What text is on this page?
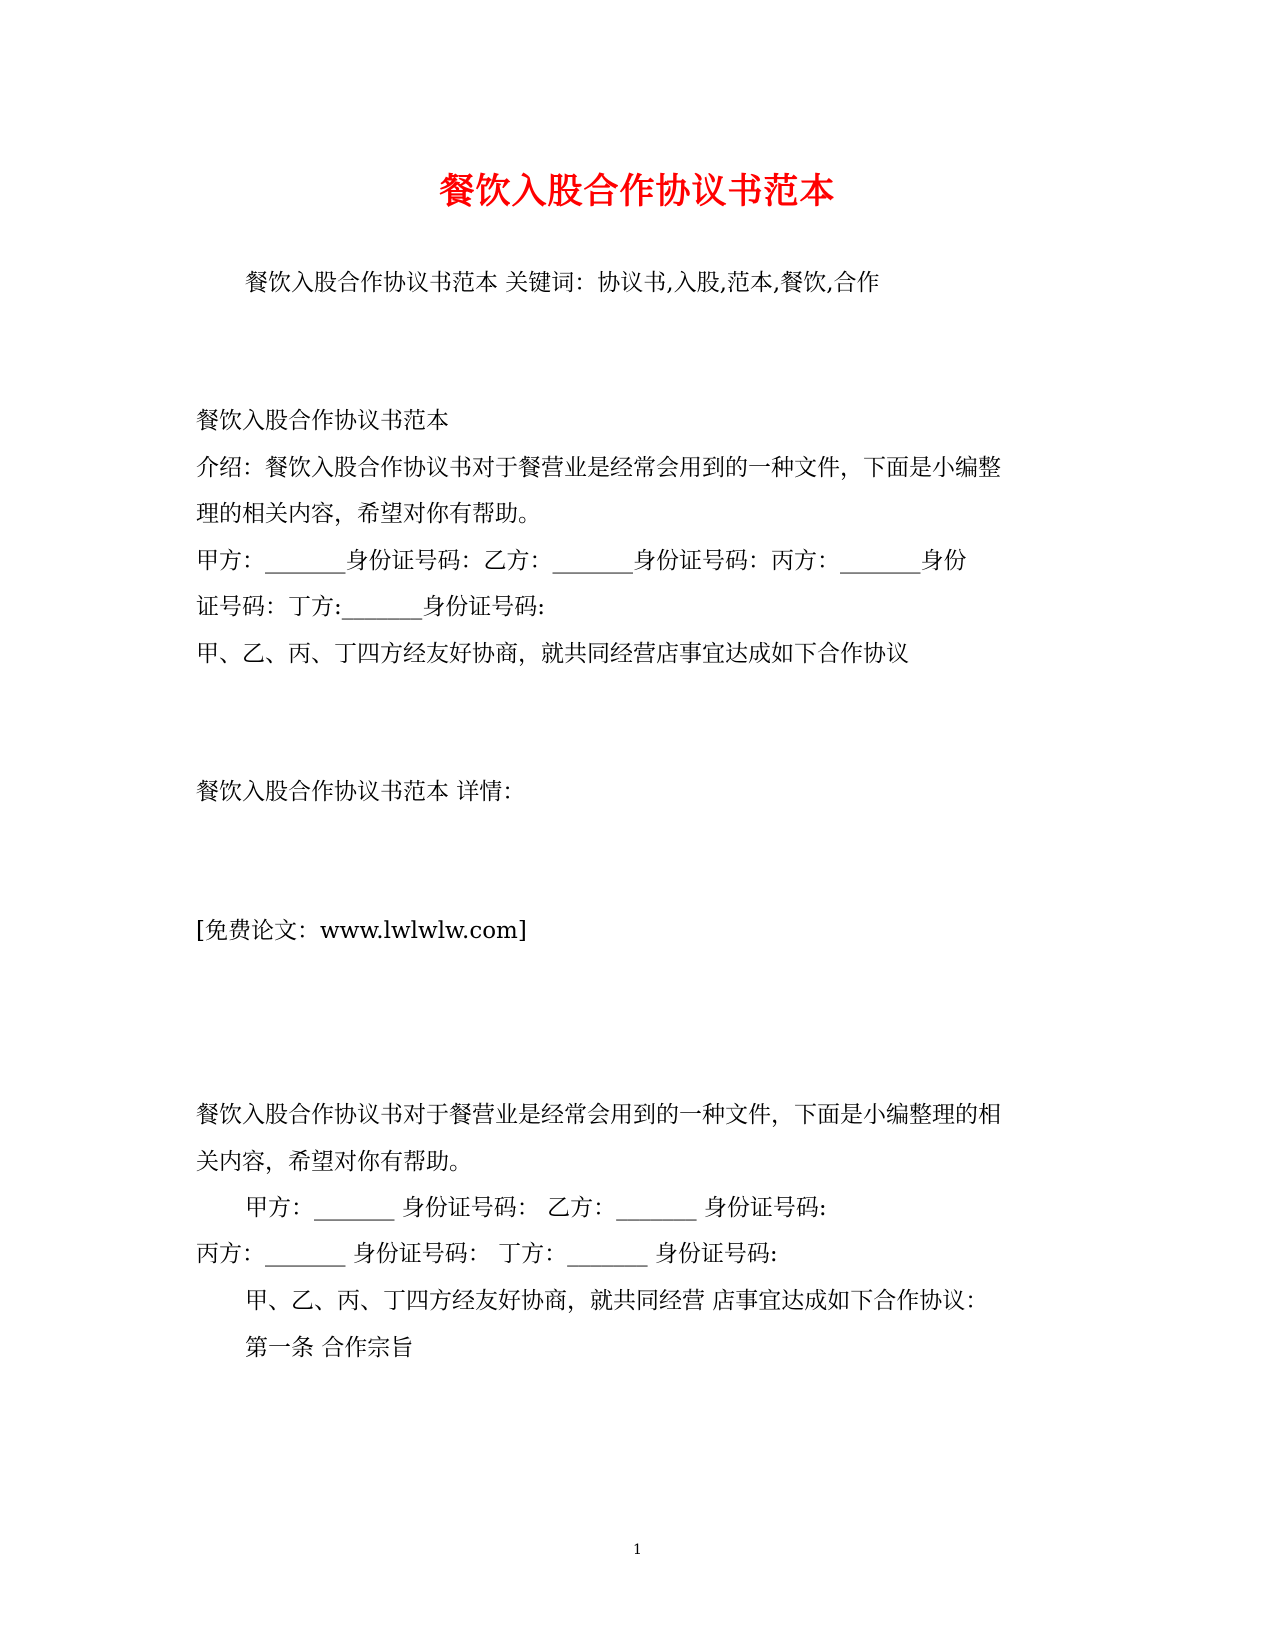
餐饮入股合作协议书范本
餐饮入股合作协议书范本 关键词：协议书,入股,范本,餐饮,合作
餐饮入股合作协议书范本
介绍：餐饮入股合作协议书对于餐营业是经常会用到的一种文件，下面是小编整
理的相关内容，希望对你有帮助。
甲方：_______身份证号码：乙方：_______身份证号码：丙方：_______身份
证号码：丁方:_______身份证号码:
甲、乙、丙、丁四方经友好协商，就共同经营店事宜达成如下合作协议
餐饮入股合作协议书范本 详情：
[免费论文：www.lwlwlw.com]
餐饮入股合作协议书对于餐营业是经常会用到的一种文件，下面是小编整理的相
关内容，希望对你有帮助。
甲方：_______ 身份证号码： 乙方：_______ 身份证号码:
丙方：_______ 身份证号码： 丁方：_______ 身份证号码:
甲、乙、丙、丁四方经友好协商，就共同经营 店事宜达成如下合作协议：
第一条 合作宗旨
1
